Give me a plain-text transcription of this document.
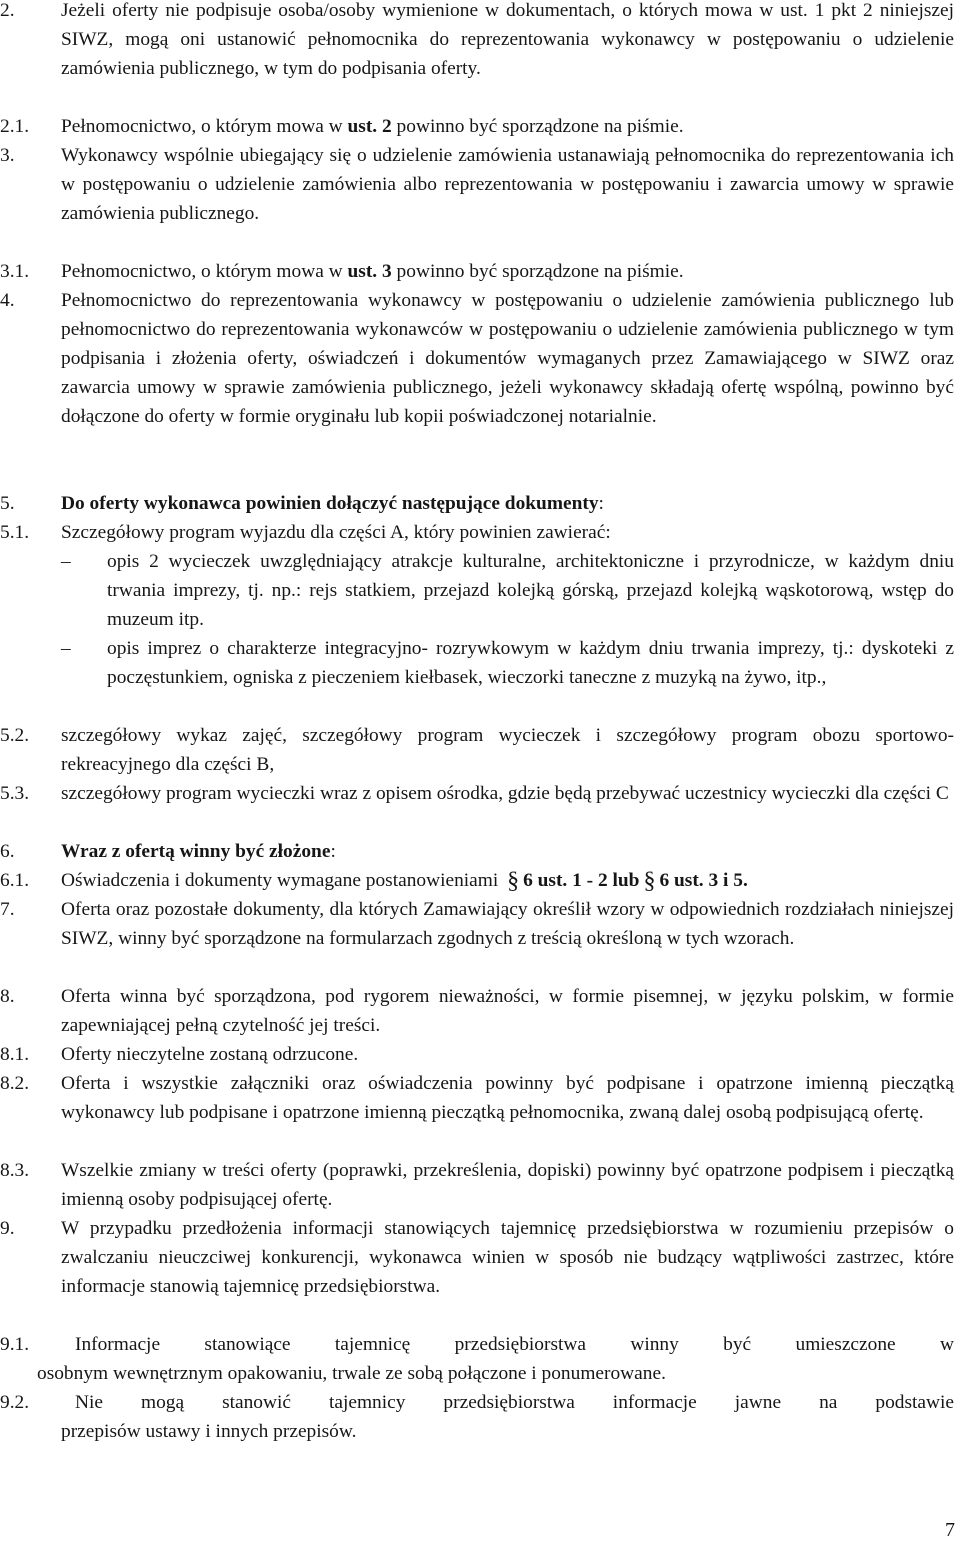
2. Jeżeli oferty nie podpisuje osoba/osoby wymienione w dokumentach, o których mowa w ust. 1 pkt 2 niniejszej SIWZ, mogą oni ustanowić pełnomocnika do reprezentowania wykonawcy w postępowaniu o udzielenie zamówienia publicznego, w tym do podpisania oferty.
2.1. Pełnomocnictwo, o którym mowa w ust. 2 powinno być sporządzone na piśmie.
3. Wykonawcy wspólnie ubiegający się o udzielenie zamówienia ustanawiają pełnomocnika do reprezentowania ich w postępowaniu o udzielenie zamówienia albo reprezentowania w postępowaniu i zawarcia umowy w sprawie zamówienia publicznego.
3.1. Pełnomocnictwo, o którym mowa w ust. 3 powinno być sporządzone na piśmie.
4. Pełnomocnictwo do reprezentowania wykonawcy w postępowaniu o udzielenie zamówienia publicznego lub pełnomocnictwo do reprezentowania wykonawców w postępowaniu o udzielenie zamówienia publicznego w tym podpisania i złożenia oferty, oświadczeń i dokumentów wymaganych przez Zamawiającego w SIWZ oraz zawarcia umowy w sprawie zamówienia publicznego, jeżeli wykonawcy składają ofertę wspólną, powinno być dołączone do oferty w formie oryginału lub kopii poświadczonej notarialnie.
5. Do oferty wykonawca powinien dołączyć następujące dokumenty:
5.1. Szczegółowy program wyjazdu dla części A, który powinien zawierać:
– opis 2 wycieczek uwzględniający atrakcje kulturalne, architektoniczne i przyrodnicze, w każdym dniu trwania imprezy, tj. np.: rejs statkiem, przejazd kolejką górską, przejazd kolejką wąskotorową, wstęp do muzeum itp.
– opis imprez o charakterze integracyjno- rozrywkowym w każdym dniu trwania imprezy, tj.: dyskoteki z poczęstunkiem, ogniska z pieczeniem kiełbasek, wieczorki taneczne z muzyką na żywo, itp.,
5.2. szczegółowy wykaz zajęć, szczegółowy program wycieczek i szczegółowy program obozu sportowo-rekreacyjnego dla części B,
5.3. szczegółowy program wycieczki wraz z opisem ośrodka, gdzie będą przebywać uczestnicy wycieczki dla części C
6. Wraz z ofertą winny być złożone:
6.1. Oświadczenia i dokumenty wymagane postanowieniami § 6 ust. 1 - 2 lub § 6 ust. 3 i 5.
7. Oferta oraz pozostałe dokumenty, dla których Zamawiający określił wzory w odpowiednich rozdziałach niniejszej SIWZ, winny być sporządzone na formularzach zgodnych z treścią określoną w tych wzorach.
8. Oferta winna być sporządzona, pod rygorem nieważności, w formie pisemnej, w języku polskim, w formie zapewniającej pełną czytelność jej treści.
8.1. Oferty nieczytelne zostaną odrzucone.
8.2. Oferta i wszystkie załączniki oraz oświadczenia powinny być podpisane i opatrzone imienną pieczątką wykonawcy lub podpisane i opatrzone imienną pieczątką pełnomocnika, zwaną dalej osobą podpisującą ofertę.
8.3. Wszelkie zmiany w treści oferty (poprawki, przekreślenia, dopiski) powinny być opatrzone podpisem i pieczątką imienną osoby podpisującej ofertę.
9. W przypadku przedłożenia informacji stanowiących tajemnicę przedsiębiorstwa w rozumieniu przepisów o zwalczaniu nieuczciwej konkurencji, wykonawca winien w sposób nie budzący wątpliwości zastrzec, które informacje stanowią tajemnicę przedsiębiorstwa.
9.1. Informacje stanowiące tajemnicę przedsiębiorstwa winny być umieszczone w
osobnym wewnętrznym opakowaniu, trwale ze sobą połączone i ponumerowane.
9.2. Nie mogą stanowić tajemnicy przedsiębiorstwa informacje jawne na podstawie
przepisów ustawy i innych przepisów.
7
